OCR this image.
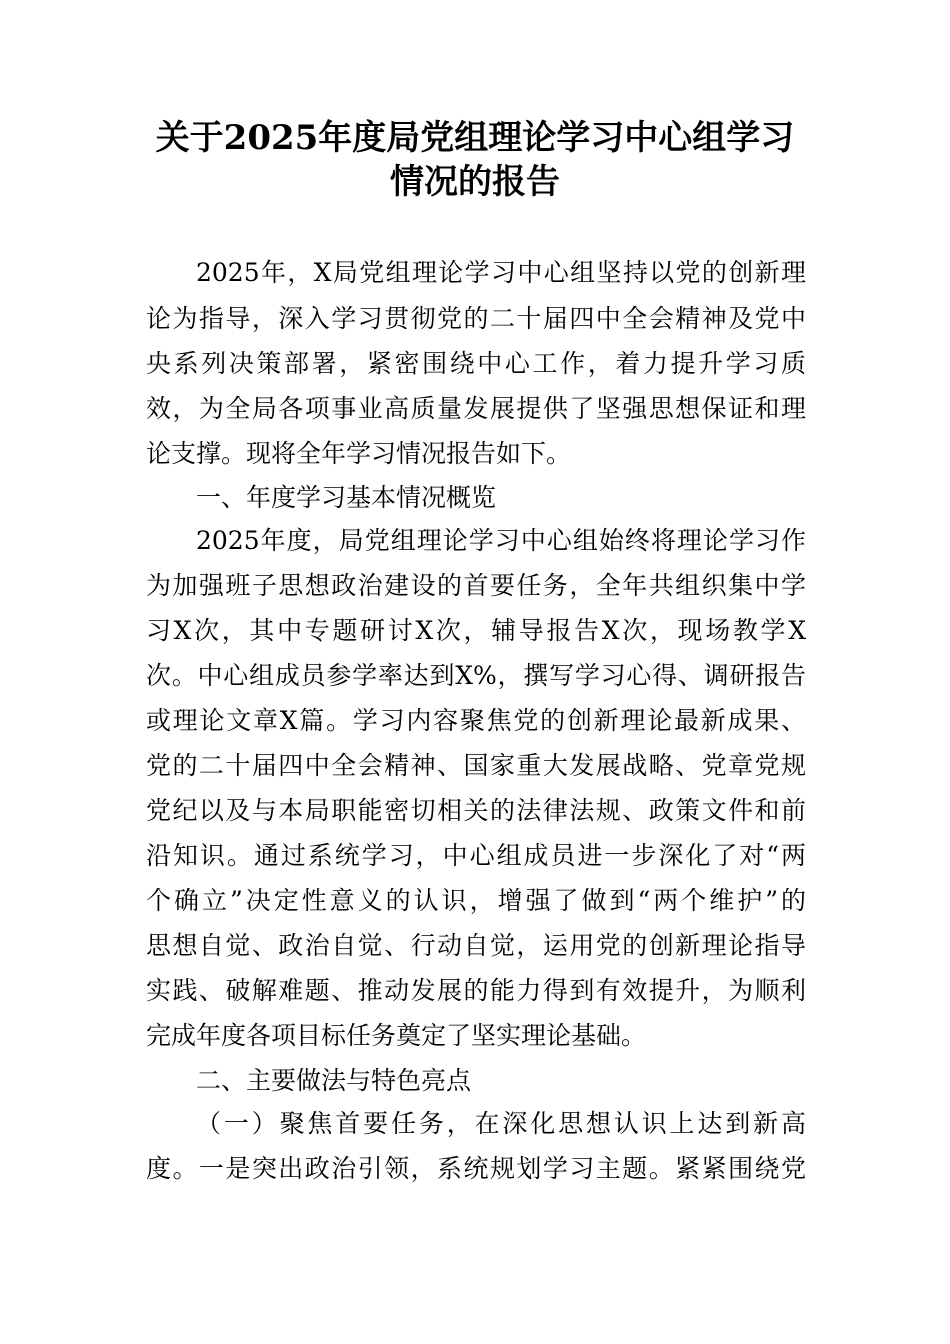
关于2025年度局党组理论学习中心组学习
情况的报告
2025年，X局党组理论学习中心组坚持以党的创新理
论为指导，深入学习贯彻党的二十届四中全会精神及党中
央系列决策部署，紧密围绕中心工作，着力提升学习质
效，为全局各项事业高质量发展提供了坚强思想保证和理
论支撑。现将全年学习情况报告如下。
一、年度学习基本情况概览
2025年度，局党组理论学习中心组始终将理论学习作
为加强班子思想政治建设的首要任务，全年共组织集中学
习X次，其中专题研讨X次，辅导报告X次，现场教学X
次。中心组成员参学率达到X%，撰写学习心得、调研报告
或理论文章X篇。学习内容聚焦党的创新理论最新成果、
党的二十届四中全会精神、国家重大发展战略、党章党规
党纪以及与本局职能密切相关的法律法规、政策文件和前
沿知识。通过系统学习，中心组成员进一步深化了对“两
个确立”决定性意义的认识，增强了做到“两个维护”的
思想自觉、政治自觉、行动自觉，运用党的创新理论指导
实践、破解难题、推动发展的能力得到有效提升，为顺利
完成年度各项目标任务奠定了坚实理论基础。
二、主要做法与特色亮点
（一）聚焦首要任务，在深化思想认识上达到新高
度。一是突出政治引领，系统规划学习主题。紧紧围绕党
